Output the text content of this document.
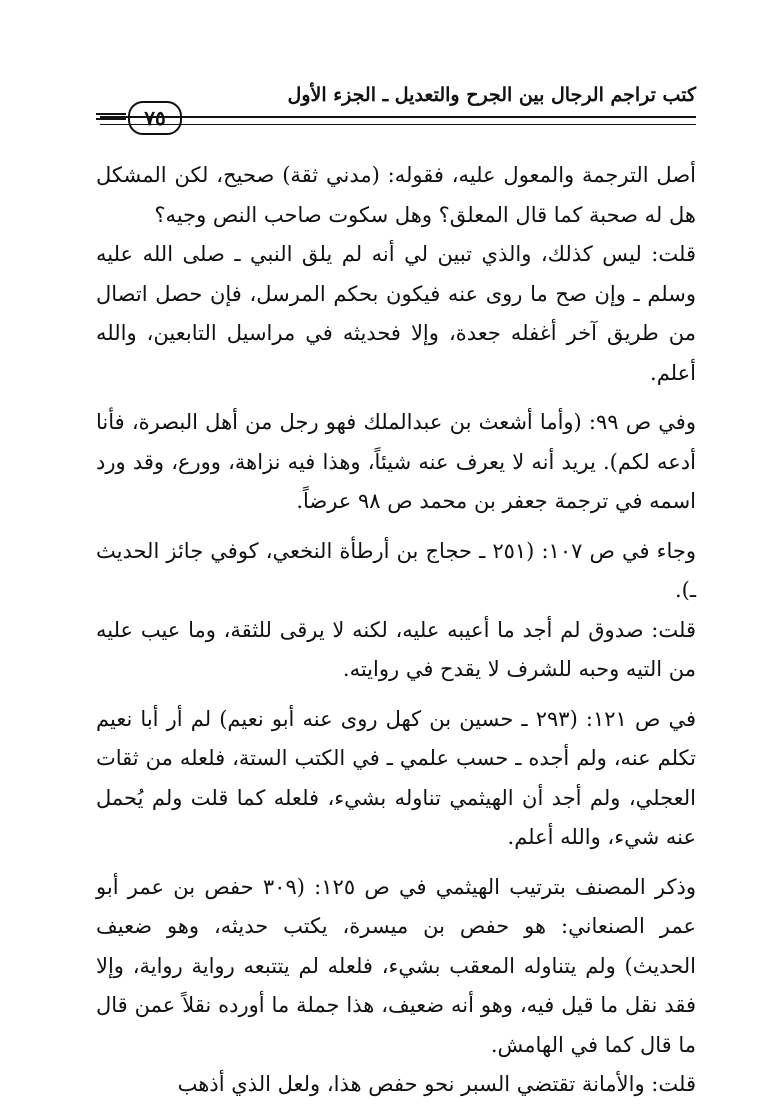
كتب تراجم الرجال بين الجرح والتعديل ـ الجزء الأول
٧٥

أصل الترجمة والمعول عليه، فقوله: (مدني ثقة) صحيح، لكن المشكل هل له صحبة كما قال المعلق؟ وهل سكوت صاحب النص وجيه؟

قلت: ليس كذلك، والذي تبين لي أنه لم يلق النبي ـ صلى الله عليه وسلم ـ وإن صح ما روى عنه فيكون بحكم المرسل، فإن حصل اتصال من طريق آخر أغفله جعدة، وإلا فحديثه في مراسيل التابعين، والله أعلم.

وفي ص ٩٩: (وأما أشعث بن عبدالملك فهو رجل من أهل البصرة، فأنا أدعه لكم). يريد أنه لا يعرف عنه شيئاً، وهذا فيه نزاهة، وورع، وقد ورد اسمه في ترجمة جعفر بن محمد ص ٩٨ عرضاً.

وجاء في ص ١٠٧: (٢٥١ ـ حجاج بن أرطأة النخعي، كوفي جائز الحديث ـ).

قلت: صدوق لم أجد ما أعيبه عليه، لكنه لا يرقى للثقة، وما عيب عليه من التيه وحبه للشرف لا يقدح في روايته.

في ص ١٢١: (٢٩٣ ـ حسين بن كهل روى عنه أبو نعيم) لم أر أبا نعيم تكلم عنه، ولم أجده ـ حسب علمي ـ في الكتب الستة، فلعله من ثقات العجلي، ولم أجد أن الهيثمي تناوله بشيء، فلعله كما قلت ولم يُحمل عنه شيء، والله أعلم.

وذكر المصنف بترتيب الهيثمي في ص ١٢٥: (٣٠٩ حفص بن عمر أبو عمر الصنعاني: هو حفص بن ميسرة، يكتب حديثه، وهو ضعيف الحديث) ولم يتناوله المعقب بشيء، فلعله لم يتتبعه رواية رواية، وإلا فقد نقل ما قيل فيه، وهو أنه ضعيف، هذا جملة ما أورده نقلاً عمن قال ما قال كما في الهامش.

قلت: والأمانة تقتضي السبر نحو حفص هذا، ولعل الذي أذهب
